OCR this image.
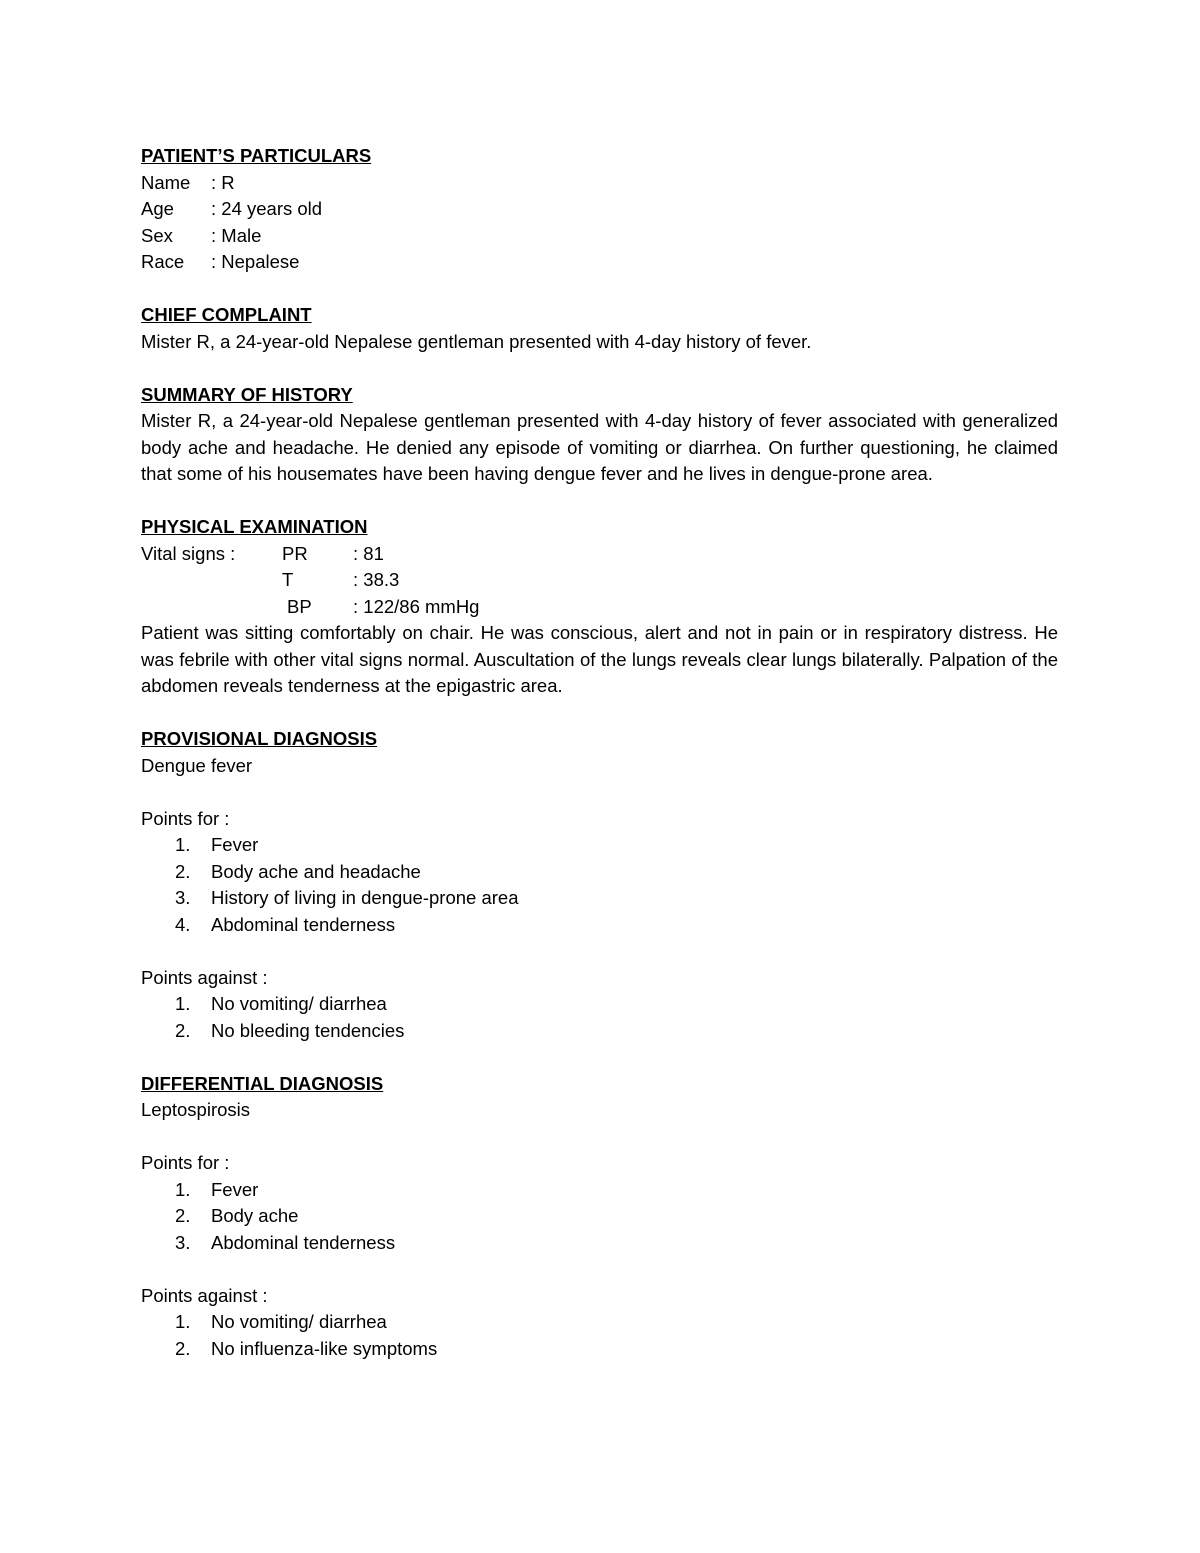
PATIENT’S PARTICULARS
Name : R
Age : 24 years old
Sex : Male
Race : Nepalese
CHIEF COMPLAINT
Mister R, a 24-year-old Nepalese gentleman presented with 4-day history of fever.
SUMMARY OF HISTORY

Mister R, a 24-year-old Nepalese gentleman presented with 4-day history of fever associated with generalized body ache and headache. He denied any episode of vomiting or diarrhea. On further questioning, he claimed that some of his housemates have been having dengue fever and he lives in dengue-prone area.

PHYSICAL EXAMINATION
Vital signs :	PR : 81
T	: 38.3
BP : 122/86 mmHg

Patient was sitting comfortably on chair. He was conscious, alert and not in pain or in respiratory distress. He was febrile with other vital signs normal. Auscultation of the lungs reveals clear lungs bilaterally. Palpation of the abdomen reveals tenderness at the epigastric area.

PROVISIONAL DIAGNOSIS
Dengue fever
Points for :
1. Fever
2. Body ache and headache
3. History of living in dengue-prone area
4. Abdominal tenderness
Points against :
1. No vomiting/ diarrhea
2. No bleeding tendencies
DIFFERENTIAL DIAGNOSIS
Leptospirosis
Points for :
1. Fever
2. Body ache
3. Abdominal tenderness
Points against :
1. No vomiting/ diarrhea
2. No influenza-like symptoms
